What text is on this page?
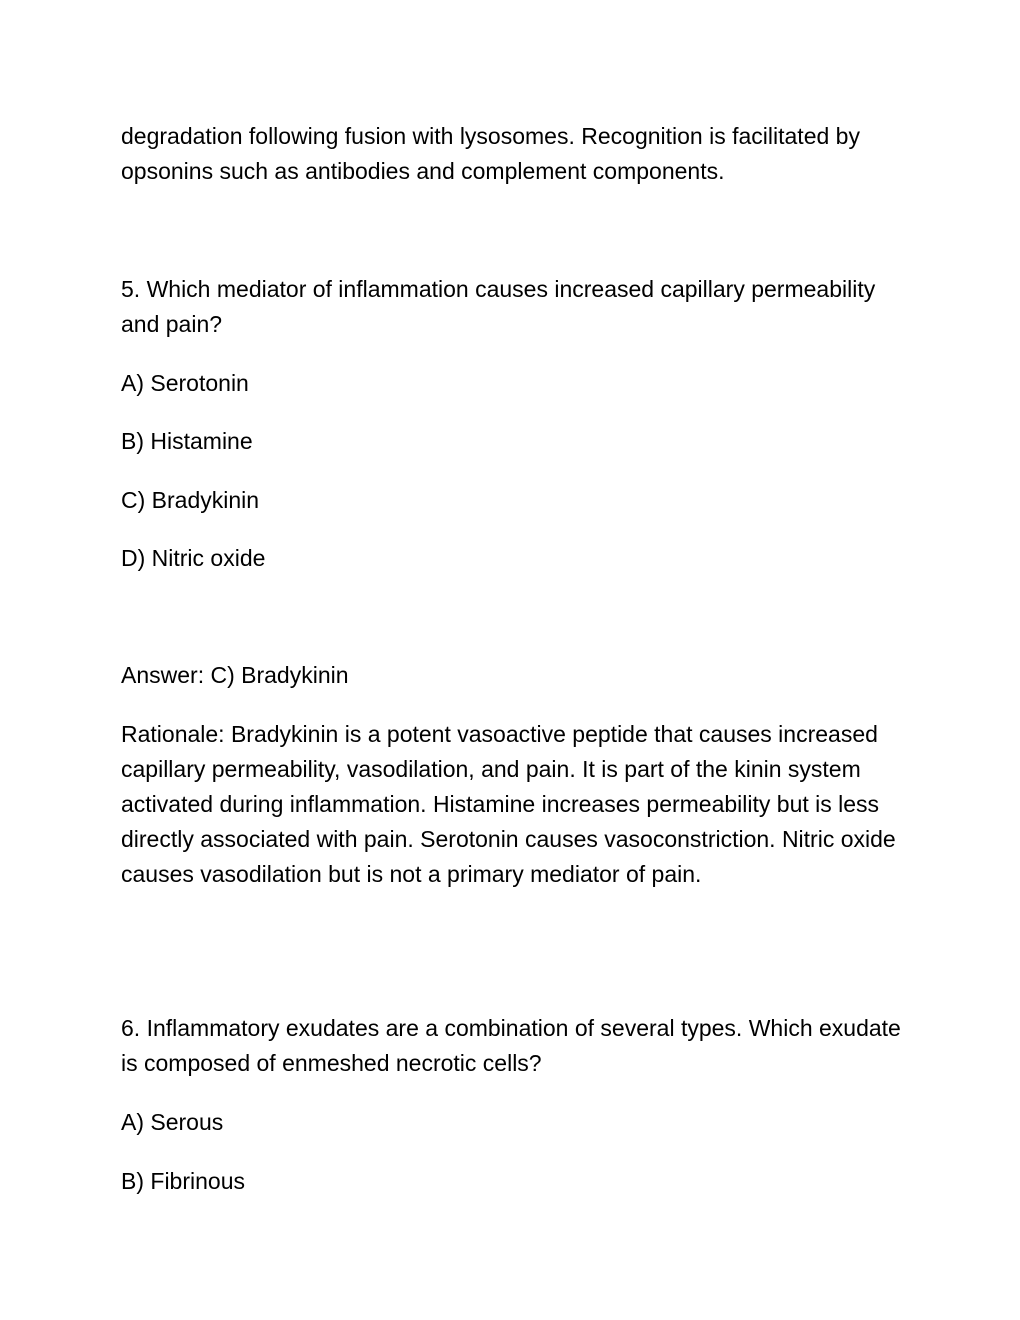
degradation following fusion with lysosomes. Recognition is facilitated by opsonins such as antibodies and complement components.

5. Which mediator of inflammation causes increased capillary permeability and pain?

A) Serotonin

B) Histamine

C) Bradykinin

D) Nitric oxide

Answer: C) Bradykinin

Rationale: Bradykinin is a potent vasoactive peptide that causes increased capillary permeability, vasodilation, and pain. It is part of the kinin system activated during inflammation. Histamine increases permeability but is less directly associated with pain. Serotonin causes vasoconstriction. Nitric oxide causes vasodilation but is not a primary mediator of pain.

6. Inflammatory exudates are a combination of several types. Which exudate is composed of enmeshed necrotic cells?

A) Serous

B) Fibrinous
